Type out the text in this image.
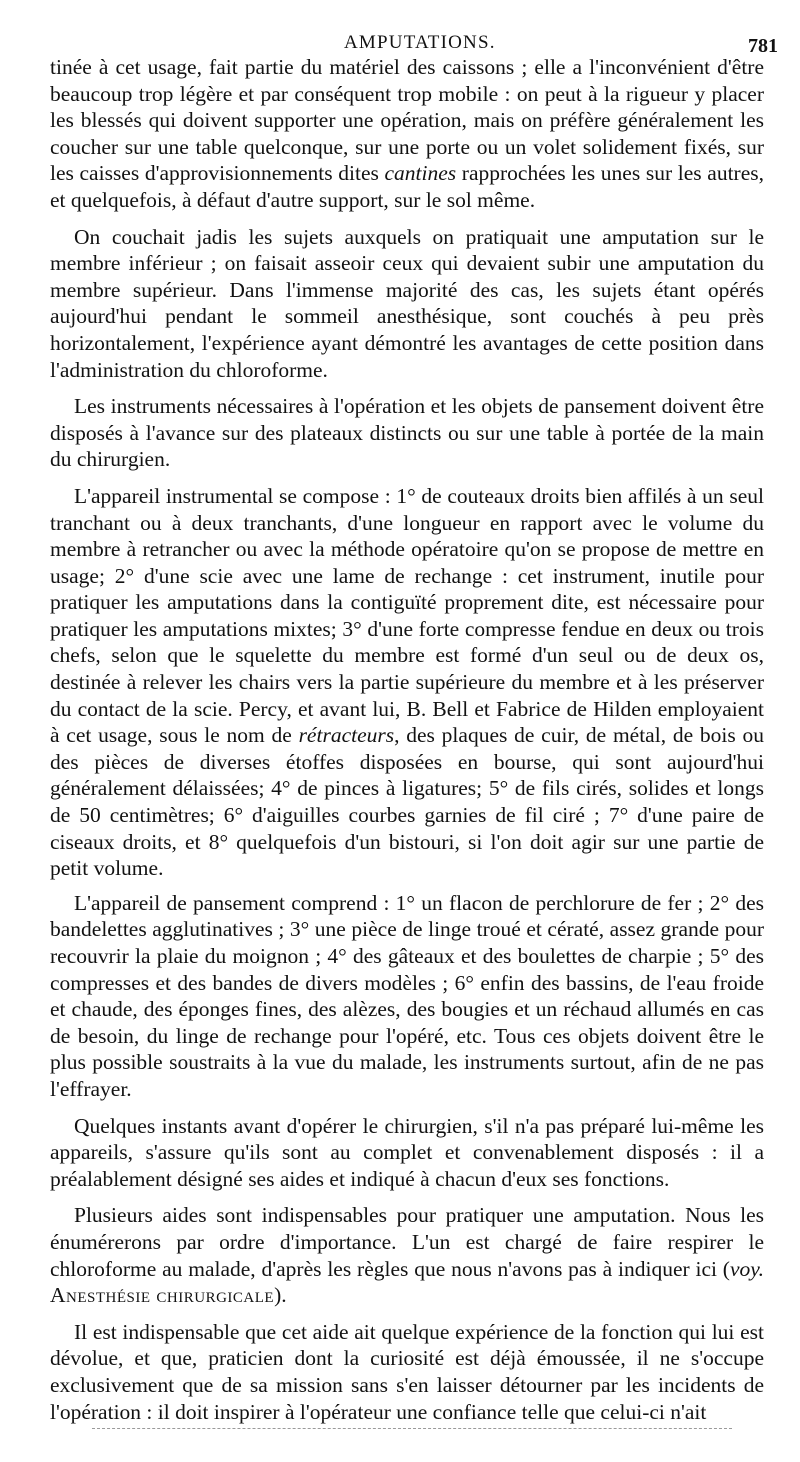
AMPUTATIONS.	781

tinée à cet usage, fait partie du matériel des caissons ; elle a l'inconvénient d'être beaucoup trop légère et par conséquent trop mobile : on peut à la rigueur y placer les blessés qui doivent supporter une opération, mais on préfère généralement les coucher sur une table quelconque, sur une porte ou un volet solidement fixés, sur les caisses d'approvisionnements dites cantines rapprochées les unes sur les autres, et quelquefois, à défaut d'autre support, sur le sol même.

On couchait jadis les sujets auxquels on pratiquait une amputation sur le membre inférieur ; on faisait asseoir ceux qui devaient subir une amputation du membre supérieur. Dans l'immense majorité des cas, les sujets étant opérés aujourd'hui pendant le sommeil anesthésique, sont couchés à peu près horizontalement, l'expérience ayant démontré les avantages de cette position dans l'administration du chloroforme.

Les instruments nécessaires à l'opération et les objets de pansement doivent être disposés à l'avance sur des plateaux distincts ou sur une table à portée de la main du chirurgien.

L'appareil instrumental se compose : 1° de couteaux droits bien affilés à un seul tranchant ou à deux tranchants, d'une longueur en rapport avec le volume du membre à retrancher ou avec la méthode opératoire qu'on se propose de mettre en usage; 2° d'une scie avec une lame de rechange : cet instrument, inutile pour pratiquer les amputations dans la contiguïté proprement dite, est nécessaire pour pratiquer les amputations mixtes; 3° d'une forte compresse fendue en deux ou trois chefs, selon que le squelette du membre est formé d'un seul ou de deux os, destinée à relever les chairs vers la partie supérieure du membre et à les préserver du contact de la scie. Percy, et avant lui, B. Bell et Fabrice de Hilden employaient à cet usage, sous le nom de rétracteurs, des plaques de cuir, de métal, de bois ou des pièces de diverses étoffes disposées en bourse, qui sont aujourd'hui généralement délaissées; 4° de pinces à ligatures; 5° de fils cirés, solides et longs de 50 centimètres; 6° d'aiguilles courbes garnies de fil ciré ; 7° d'une paire de ciseaux droits, et 8° quelquefois d'un bistouri, si l'on doit agir sur une partie de petit volume.

L'appareil de pansement comprend : 1° un flacon de perchlorure de fer ; 2° des bandelettes agglutinatives ; 3° une pièce de linge troué et cératé, assez grande pour recouvrir la plaie du moignon ; 4° des gâteaux et des boulettes de charpie ; 5° des compresses et des bandes de divers modèles ; 6° enfin des bassins, de l'eau froide et chaude, des éponges fines, des alèzes, des bougies et un réchaud allumés en cas de besoin, du linge de rechange pour l'opéré, etc. Tous ces objets doivent être le plus possible soustraits à la vue du malade, les instruments surtout, afin de ne pas l'effrayer.

Quelques instants avant d'opérer le chirurgien, s'il n'a pas préparé lui-même les appareils, s'assure qu'ils sont au complet et convenablement disposés : il a préalablement désigné ses aides et indiqué à chacun d'eux ses fonctions.

Plusieurs aides sont indispensables pour pratiquer une amputation. Nous les énumérerons par ordre d'importance. L'un est chargé de faire respirer le chloroforme au malade, d'après les règles que nous n'avons pas à indiquer ici (voy. Anesthésie chirurgicale).

Il est indispensable que cet aide ait quelque expérience de la fonction qui lui est dévolue, et que, praticien dont la curiosité est déjà émoussée, il ne s'occupe exclusivement que de sa mission sans s'en laisser détourner par les incidents de l'opération : il doit inspirer à l'opérateur une confiance telle que celui-ci n'ait
